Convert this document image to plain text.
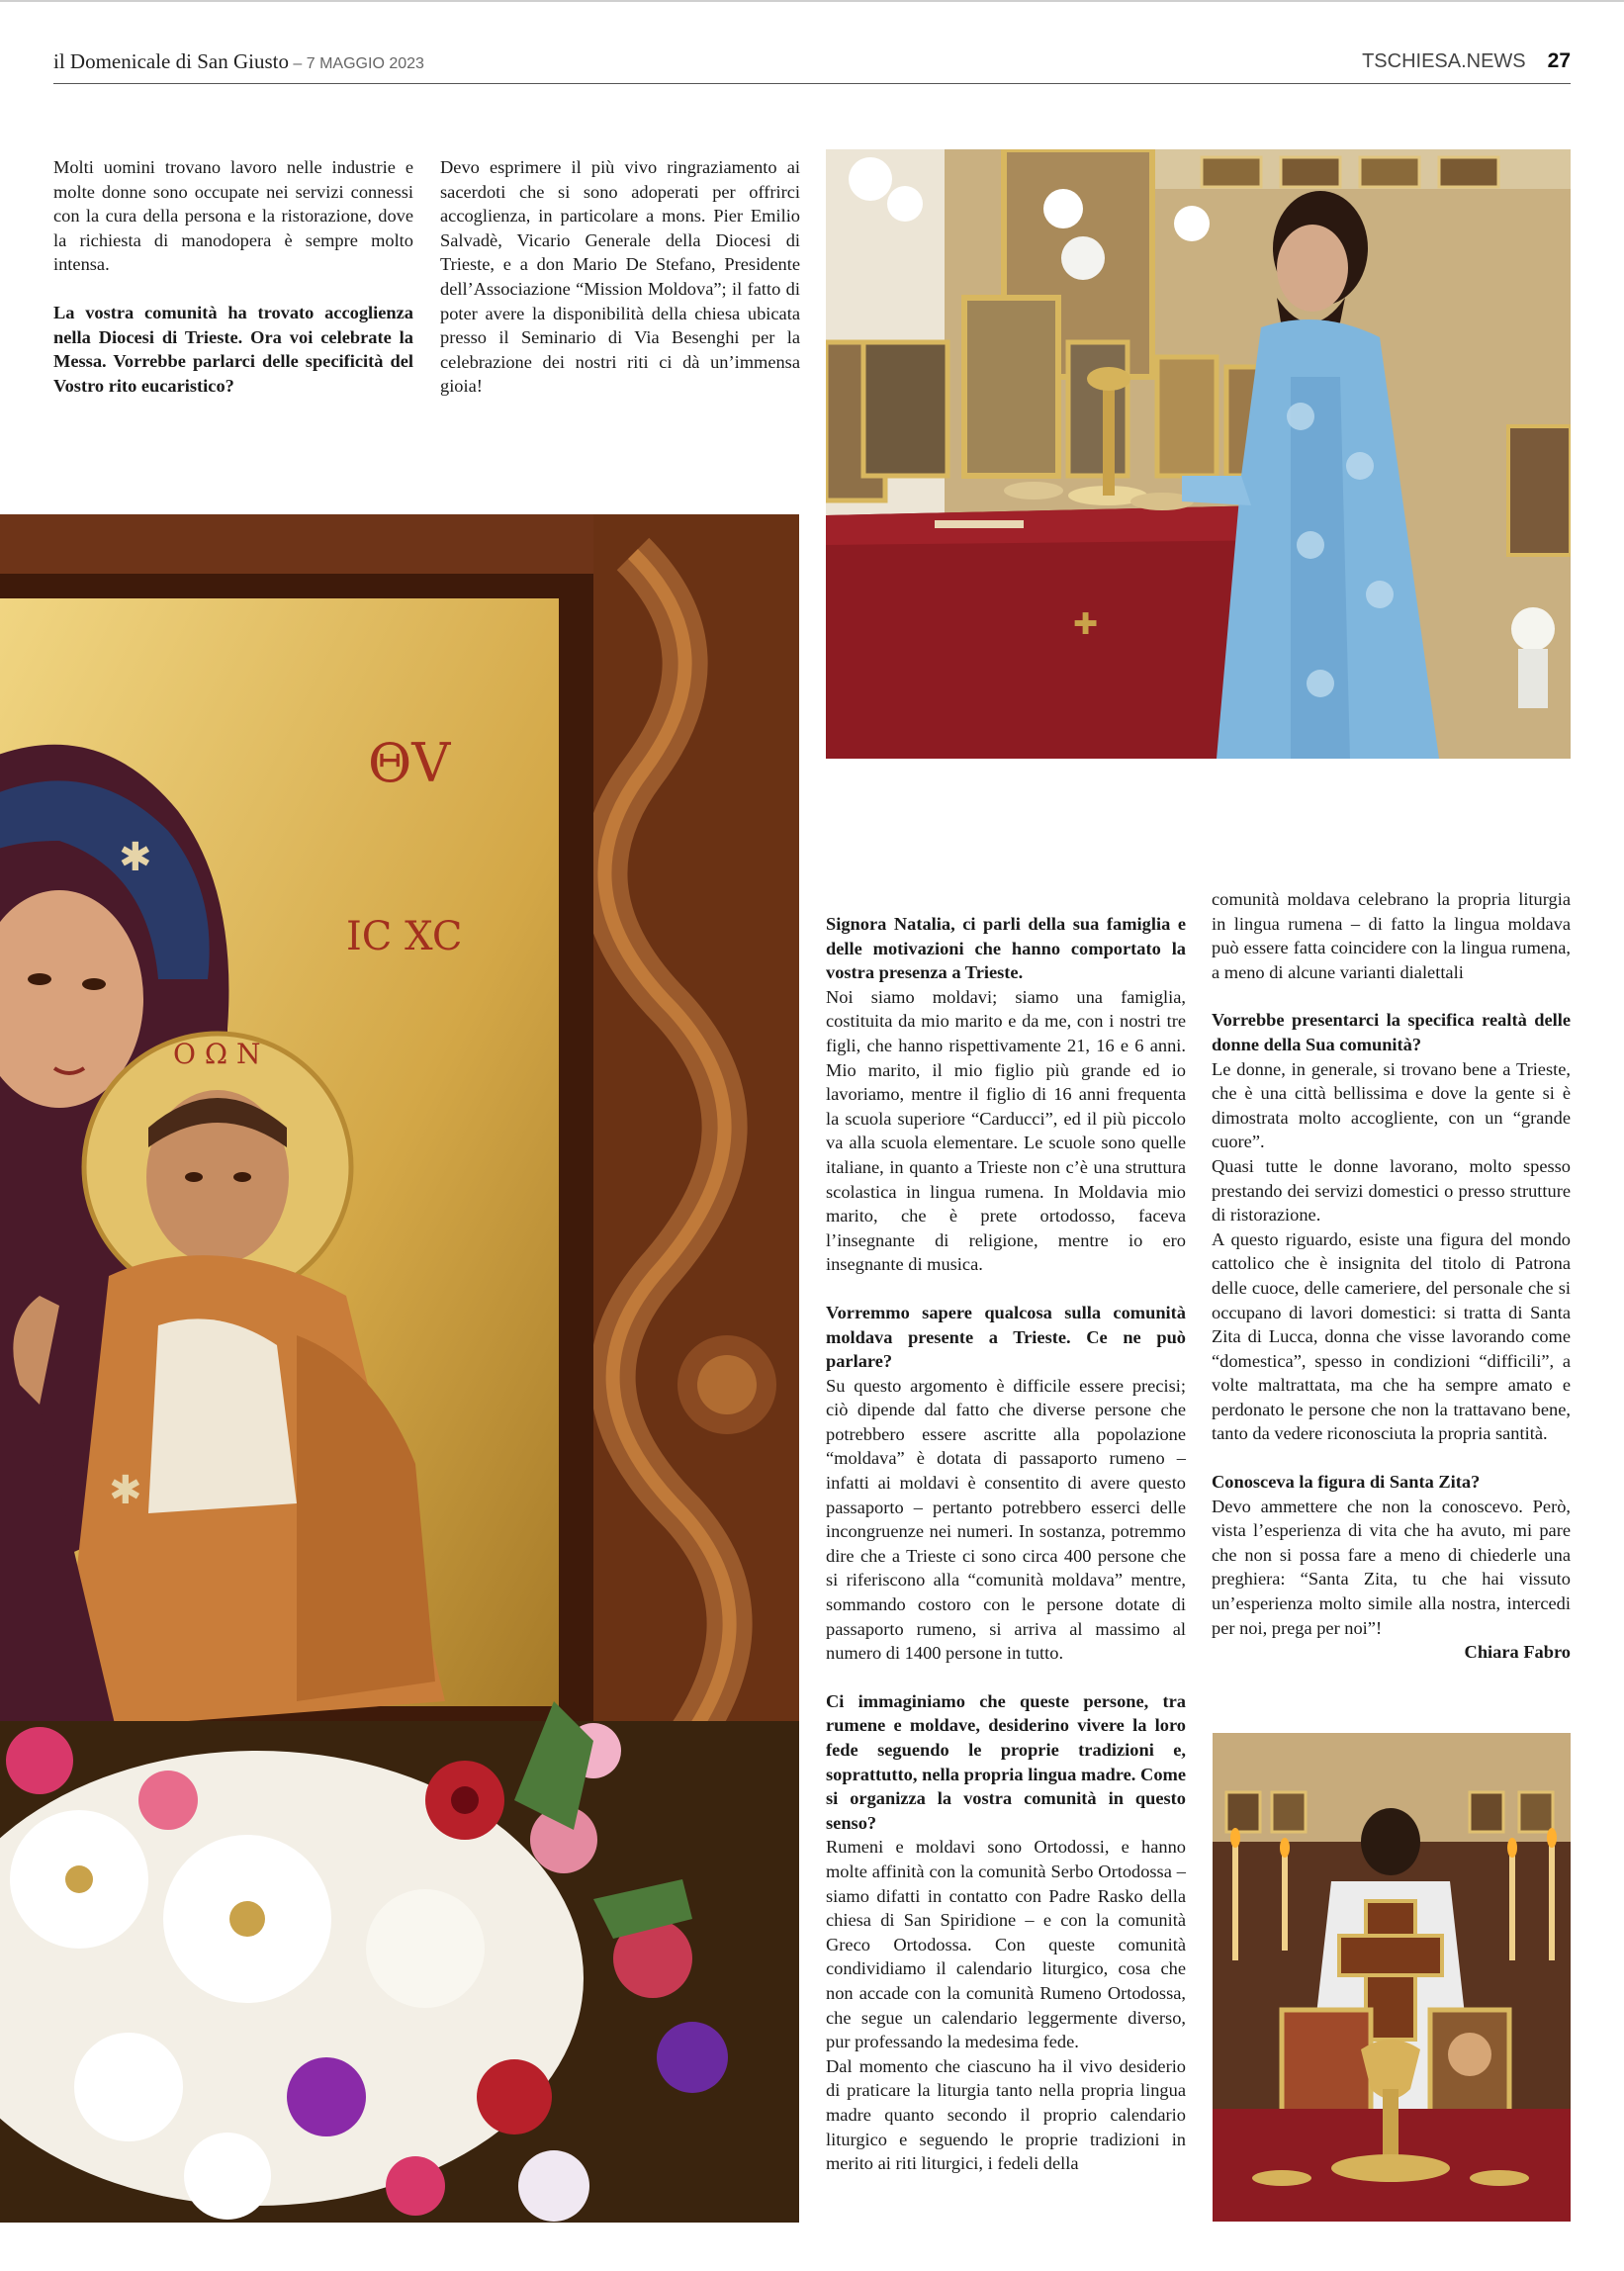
il Domenicale di San Giusto – 7 MAGGIO 2023	TSCHIESA.NEWS 27

Molti uomini trovano lavoro nelle industrie e molte donne sono occupate nei servizi connessi con la cura della persona e la ristorazione, dove la richiesta di manodopera è sempre molto intensa.

La vostra comunità ha trovato accoglienza nella Diocesi di Trieste. Ora voi celebrate la Messa. Vorrebbe parlarci delle specificità del Vostro rito eucaristico?

Devo esprimere il più vivo ringraziamento ai sacerdoti che si sono adoperati per offrirci accoglienza, in particolare a mons. Pier Emilio Salvadè, Vicario Generale della Diocesi di Trieste, e a don Mario De Stefano, Presidente dell’Associazione “Mission Moldova”; il fatto di poter avere la disponibilità della chiesa ubicata presso il Seminario di Via Besenghi per la celebrazione dei nostri riti ci dà un’immensa gioia!

✚
ΘV
IC XC
✱
Ο Ω Ν
✱

Signora Natalia, ci parli della sua famiglia e delle motivazioni che hanno comportato la vostra presenza a Trieste.

Noi siamo moldavi; siamo una famiglia, costituita da mio marito e da me, con i nostri tre figli, che hanno rispettivamente 21, 16 e 6 anni. Mio marito, il mio figlio più grande ed io lavoriamo, mentre il figlio di 16 anni frequenta la scuola superiore “Carducci”, ed il più piccolo va alla scuola elementare. Le scuole sono quelle italiane, in quanto a Trieste non c’è una struttura scolastica in lingua rumena. In Moldavia mio marito, che è prete ortodosso, faceva l’insegnante di religione, mentre io ero insegnante di musica.

Vorremmo sapere qualcosa sulla comunità moldava presente a Trieste. Ce ne può parlare?

Su questo argomento è difficile essere precisi; ciò dipende dal fatto che diverse persone che potrebbero essere ascritte alla popolazione “moldava” è dotata di passaporto rumeno – infatti ai moldavi è consentito di avere questo passaporto – pertanto potrebbero esserci delle incongruenze nei numeri. In sostanza, potremmo dire che a Trieste ci sono circa 400 persone che si riferiscono alla “comunità moldava” mentre, sommando costoro con le persone dotate di passaporto rumeno, si arriva al massimo al numero di 1400 persone in tutto.

Ci immaginiamo che queste persone, tra rumene e moldave, desiderino vivere la loro fede seguendo le proprie tradizioni e, soprattutto, nella propria lingua madre. Come si organizza la vostra comunità in questo senso?

Rumeni e moldavi sono Ortodossi, e hanno molte affinità con la comunità Serbo Ortodossa – siamo difatti in contatto con Padre Rasko della chiesa di San Spiridione – e con la comunità Greco Ortodossa. Con queste comunità condividiamo il calendario liturgico, cosa che non accade con la comunità Rumeno Ortodossa, che segue un calendario leggermente diverso, pur professando la medesima fede.

Dal momento che ciascuno ha il vivo desiderio di praticare la liturgia tanto nella propria lingua madre quanto secondo il proprio calendario liturgico e seguendo le proprie tradizioni in merito ai riti liturgici, i fedeli della

comunità moldava celebrano la propria liturgia in lingua rumena – di fatto la lingua moldava può essere fatta coincidere con la lingua rumena, a meno di alcune varianti dialettali

Vorrebbe presentarci la specifica realtà delle donne della Sua comunità?

Le donne, in generale, si trovano bene a Trieste, che è una città bellissima e dove la gente si è dimostrata molto accogliente, con un “grande cuore”.

Quasi tutte le donne lavorano, molto spesso prestando dei servizi domestici o presso strutture di ristorazione.

A questo riguardo, esiste una figura del mondo cattolico che è insignita del titolo di Patrona delle cuoce, delle cameriere, del personale che si occupano di lavori domestici: si tratta di Santa Zita di Lucca, donna che visse lavorando come “domestica”, spesso in condizioni “difficili”, a volte maltrattata, ma che ha sempre amato e perdonato le persone che non la trattavano bene, tanto da vedere riconosciuta la propria santità.

Conosceva la figura di Santa Zita?

Devo ammettere che non la conoscevo. Però, vista l’esperienza di vita che ha avuto, mi pare che non si possa fare a meno di chiederle una preghiera: “Santa Zita, tu che hai vissuto un’esperienza molto simile alla nostra, intercedi per noi, prega per noi”!

Chiara Fabro
